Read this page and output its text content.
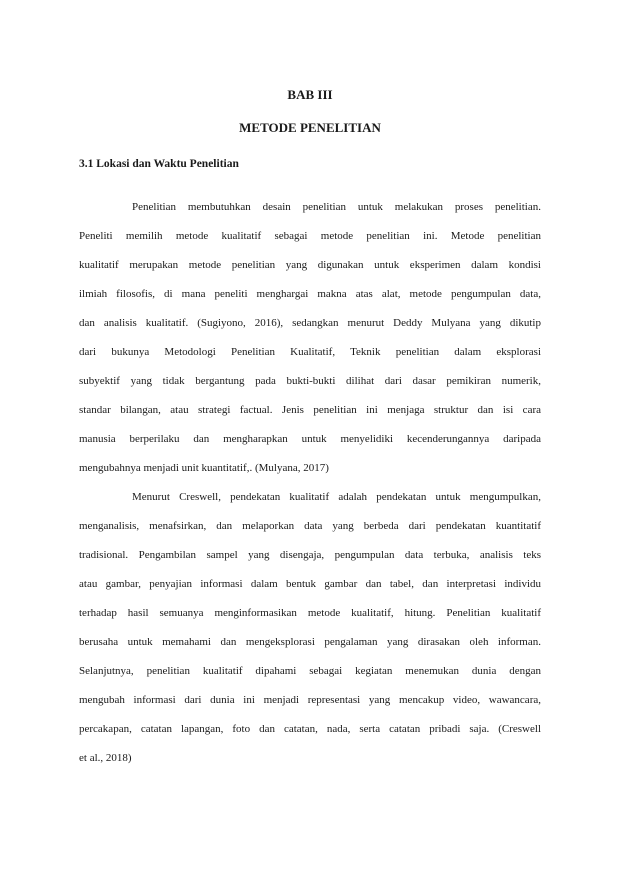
BAB III
METODE PENELITIAN
3.1 Lokasi dan Waktu Penelitian
Penelitian membutuhkan desain penelitian untuk melakukan proses penelitian.
Peneliti memilih metode kualitatif sebagai metode penelitian ini. Metode penelitian
kualitatif merupakan metode penelitian yang digunakan untuk eksperimen dalam kondisi
ilmiah filosofis, di mana peneliti menghargai makna atas alat, metode pengumpulan data,
dan analisis kualitatif. (Sugiyono, 2016), sedangkan menurut Deddy Mulyana yang dikutip
dari bukunya Metodologi Penelitian Kualitatif, Teknik penelitian dalam eksplorasi
subyektif yang tidak bergantung pada bukti-bukti dilihat dari dasar pemikiran numerik,
standar bilangan, atau strategi factual. Jenis penelitian ini menjaga struktur dan isi cara
manusia berperilaku dan mengharapkan untuk menyelidiki kecenderungannya daripada
mengubahnya menjadi unit kuantitatif,. (Mulyana, 2017)
Menurut Creswell, pendekatan kualitatif adalah pendekatan untuk mengumpulkan,
menganalisis, menafsirkan, dan melaporkan data yang berbeda dari pendekatan kuantitatif
tradisional. Pengambilan sampel yang disengaja, pengumpulan data terbuka, analisis teks
atau gambar, penyajian informasi dalam bentuk gambar dan tabel, dan interpretasi individu
terhadap hasil semuanya menginformasikan metode kualitatif, hitung. Penelitian kualitatif
berusaha untuk memahami dan mengeksplorasi pengalaman yang dirasakan oleh informan.
Selanjutnya, penelitian kualitatif dipahami sebagai kegiatan menemukan dunia dengan
mengubah informasi dari dunia ini menjadi representasi yang mencakup video, wawancara,
percakapan, catatan lapangan, foto dan catatan, nada, serta catatan pribadi saja. (Creswell
et al., 2018)
